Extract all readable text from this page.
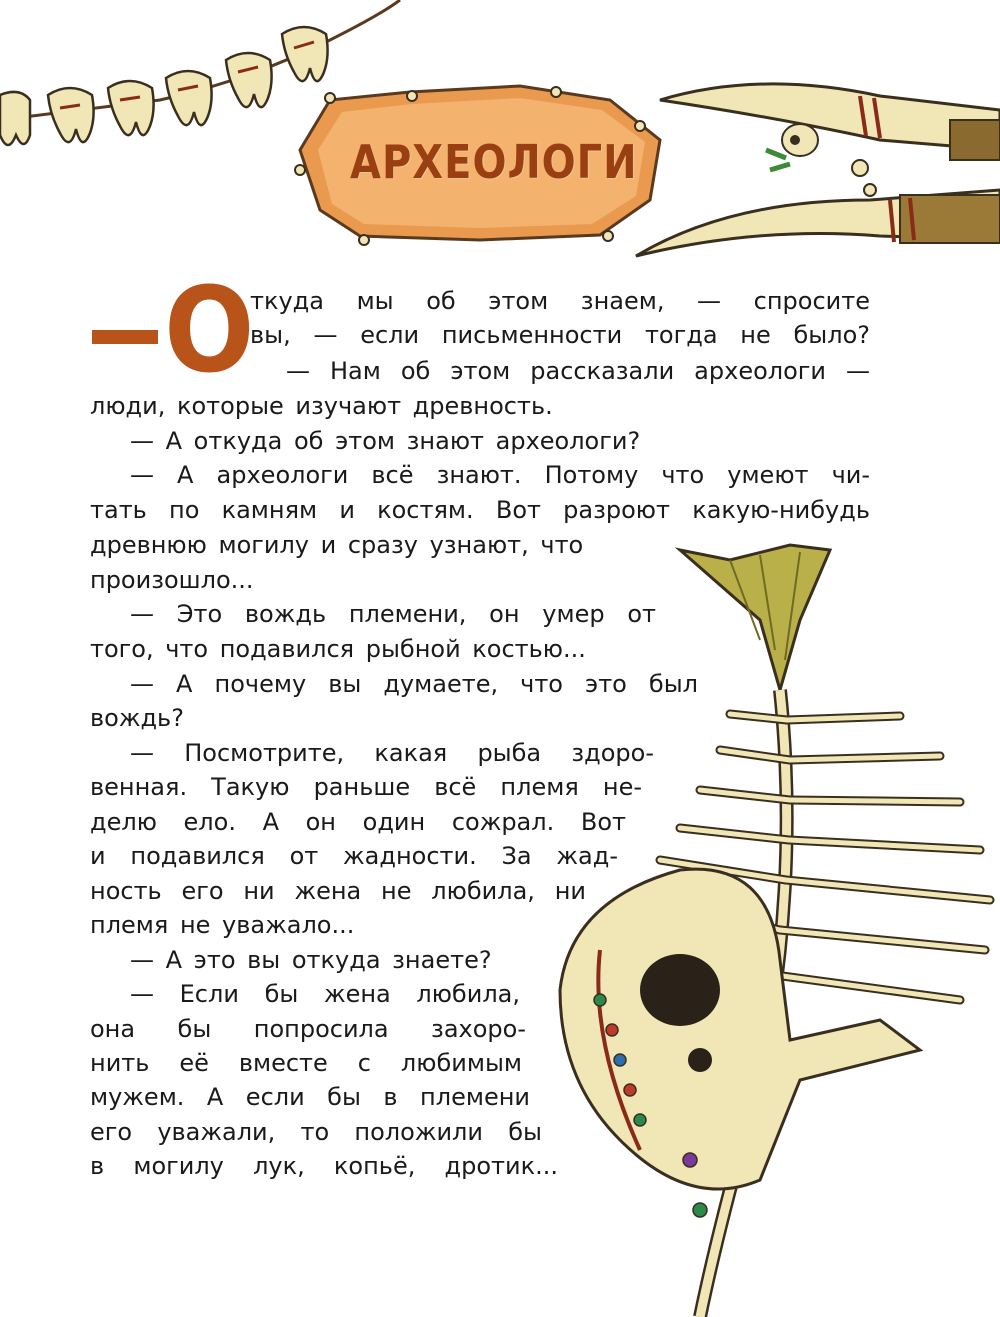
АРХЕОЛОГИ
О
ткуда мы об этом знаем, — спросите
вы, — если письменности тогда не было?
— Нам об этом рассказали археологи —
люди, которые изучают древность.
— А откуда об этом знают археологи?
— А археологи всё знают. Потому что умеют чи-
тать по камням и костям. Вот разроют какую-нибудь
древнюю могилу и сразу узнают, что
произошло...
— Это вождь племени, он умер от
того, что подавился рыбной костью...
— А почему вы думаете, что это был
вождь?
— Посмотрите, какая рыба здоро-
венная. Такую раньше всё племя не-
делю ело. А он один сожрал. Вот
и подавился от жадности. За жад-
ность его ни жена не любила, ни
племя не уважало...
— А это вы откуда знаете?
— Если бы жена любила,
она бы попросила захоро-
нить её вместе с любимым
мужем. А если бы в племени
его уважали, то положили бы
в могилу лук, копьё, дротик...
